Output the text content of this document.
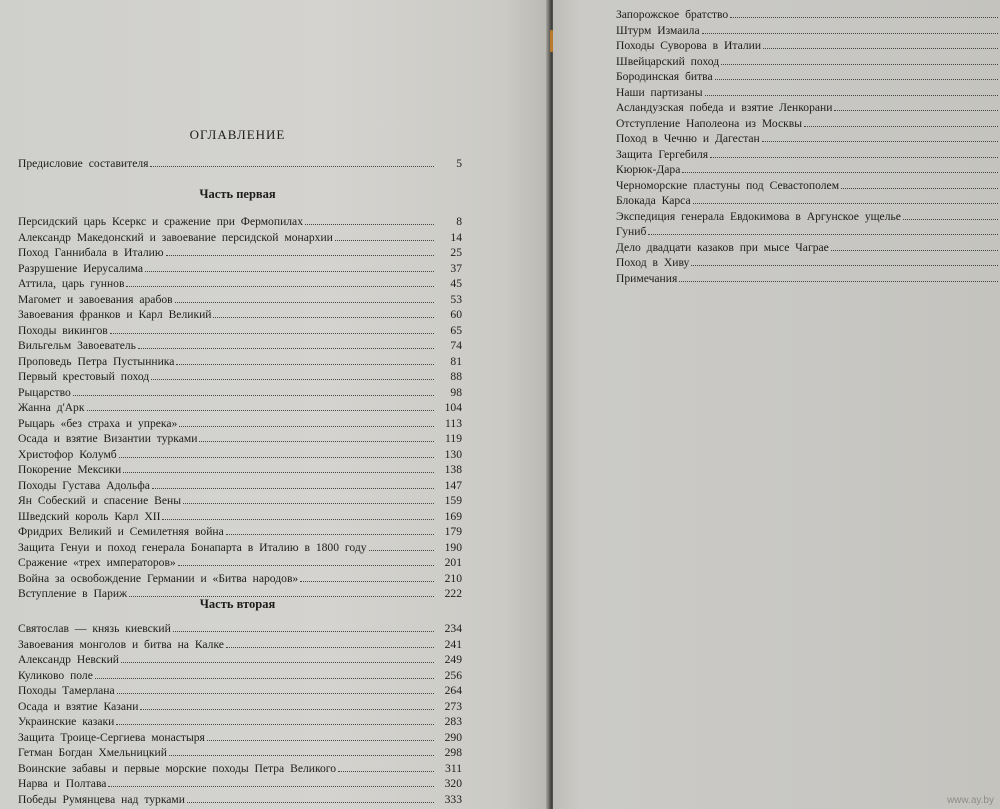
ОГЛАВЛЕНИЕ
Предисловие составителя	5
Часть первая
Персидский царь Ксеркс и сражение при Фермопилах	8
Александр Македонский и завоевание персидской монархии	14
Поход Ганнибала в Италию	25
Разрушение Иерусалима	37
Аттила, царь гуннов	45
Магомет и завоевания арабов	53
Завоевания франков и Карл Великий	60
Походы викингов	65
Вильгельм Завоеватель	74
Проповедь Петра Пустынника	81
Первый крестовый поход	88
Рыцарство	98
Жанна д'Арк	104
Рыцарь «без страха и упрека»	113
Осада и взятие Византии турками	119
Христофор Колумб	130
Покорение Мексики	138
Походы Густава Адольфа	147
Ян Собеский и спасение Вены	159
Шведский король Карл XII	169
Фридрих Великий и Семилетняя война	179
Защита Генуи и поход генерала Бонапарта в Италию в 1800 году	190
Сражение «трех императоров»	201
Война за освобождение Германии и «Битва народов»	210
Вступление в Париж	222
Часть вторая
Святослав — князь киевский	234
Завоевания монголов и битва на Калке	241
Александр Невский	249
Куликово поле	256
Походы Тамерлана	264
Осада и взятие Казани	273
Украинские казаки	283
Защита Троице-Сергиева монастыря	290
Гетман Богдан Хмельницкий	298
Воинские забавы и первые морские походы Петра Великого	311
Нарва и Полтава	320
Победы Румянцева над турками	333
Запорожское братство
Штурм Измаила
Походы Суворова в Италии
Швейцарский поход
Бородинская битва
Наши партизаны
Асландузская победа и взятие Ленкорани
Отступление Наполеона из Москвы
Поход в Чечню и Дагестан
Защита Гергебиля
Кюрюк-Дара
Черноморские пластуны под Севастополем
Блокада Карса
Экспедиция генерала Евдокимова в Аргунское ущелье
Гуниб
Дело двадцати казаков при мысе Чаграе
Поход в Хиву
Примечания
www.ay.by
